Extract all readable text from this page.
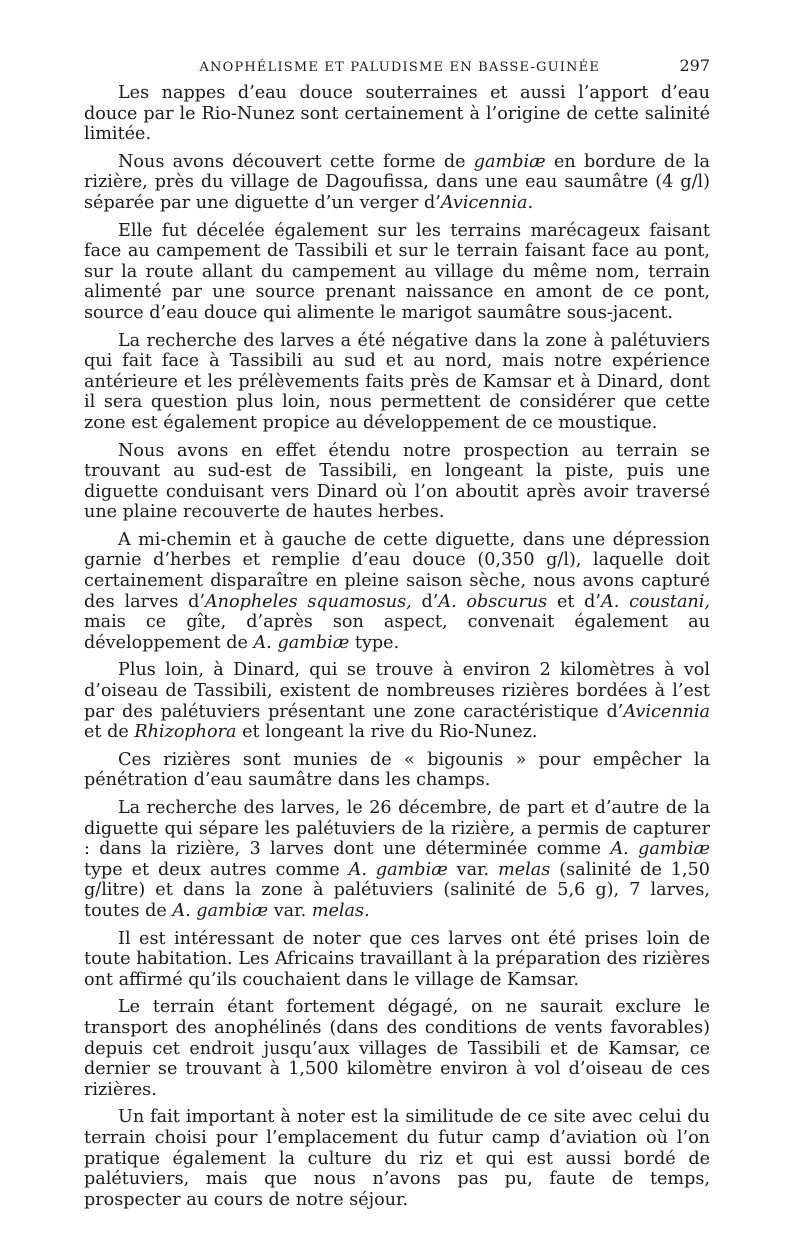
ANOPHÉLISME ET PALUDISME EN BASSE-GUINÉE	297

Les nappes d’eau douce souterraines et aussi l’apport d’eau douce par le Rio-Nunez sont certainement à l’origine de cette salinité limitée.

Nous avons découvert cette forme de gambiæ en bordure de la rizière, près du village de Dagoufissa, dans une eau saumâtre (4 g/l) séparée par une diguette d’un verger d’Avicennia.

Elle fut décelée également sur les terrains marécageux faisant face au campement de Tassibili et sur le terrain faisant face au pont, sur la route allant du campement au village du même nom, terrain alimenté par une source prenant naissance en amont de ce pont, source d’eau douce qui alimente le marigot saumâtre sous-jacent.

La recherche des larves a été négative dans la zone à palétuviers qui fait face à Tassibili au sud et au nord, mais notre expérience antérieure et les prélèvements faits près de Kamsar et à Dinard, dont il sera question plus loin, nous permettent de considérer que cette zone est également propice au développement de ce moustique.

Nous avons en effet étendu notre prospection au terrain se trouvant au sud-est de Tassibili, en longeant la piste, puis une diguette conduisant vers Dinard où l’on aboutit après avoir traversé une plaine recouverte de hautes herbes.

A mi-chemin et à gauche de cette diguette, dans une dépression garnie d’herbes et remplie d’eau douce (0,350 g/l), laquelle doit certainement disparaître en pleine saison sèche, nous avons capturé des larves d’Anopheles squamosus, d’A. obscurus et d’A. coustani, mais ce gîte, d’après son aspect, convenait également au développement de A. gambiæ type.

Plus loin, à Dinard, qui se trouve à environ 2 kilomètres à vol d’oiseau de Tassibili, existent de nombreuses rizières bordées à l’est par des palétuviers présentant une zone caractéristique d’Avicennia et de Rhizophora et longeant la rive du Rio-Nunez.

Ces rizières sont munies de « bigounis » pour empêcher la pénétration d’eau saumâtre dans les champs.

La recherche des larves, le 26 décembre, de part et d’autre de la diguette qui sépare les palétuviers de la rizière, a permis de capturer : dans la rizière, 3 larves dont une déterminée comme A. gambiæ type et deux autres comme A. gambiæ var. melas (salinité de 1,50 g/litre) et dans la zone à palétuviers (salinité de 5,6 g), 7 larves, toutes de A. gambiæ var. melas.

Il est intéressant de noter que ces larves ont été prises loin de toute habitation. Les Africains travaillant à la préparation des rizières ont affirmé qu’ils couchaient dans le village de Kamsar.

Le terrain étant fortement dégagé, on ne saurait exclure le transport des anophélinés (dans des conditions de vents favorables) depuis cet endroit jusqu’aux villages de Tassibili et de Kamsar, ce dernier se trouvant à 1,500 kilomètre environ à vol d’oiseau de ces rizières.

Un fait important à noter est la similitude de ce site avec celui du terrain choisi pour l’emplacement du futur camp d’aviation où l’on pratique également la culture du riz et qui est aussi bordé de palétuviers, mais que nous n’avons pas pu, faute de temps, prospecter au cours de notre séjour.
